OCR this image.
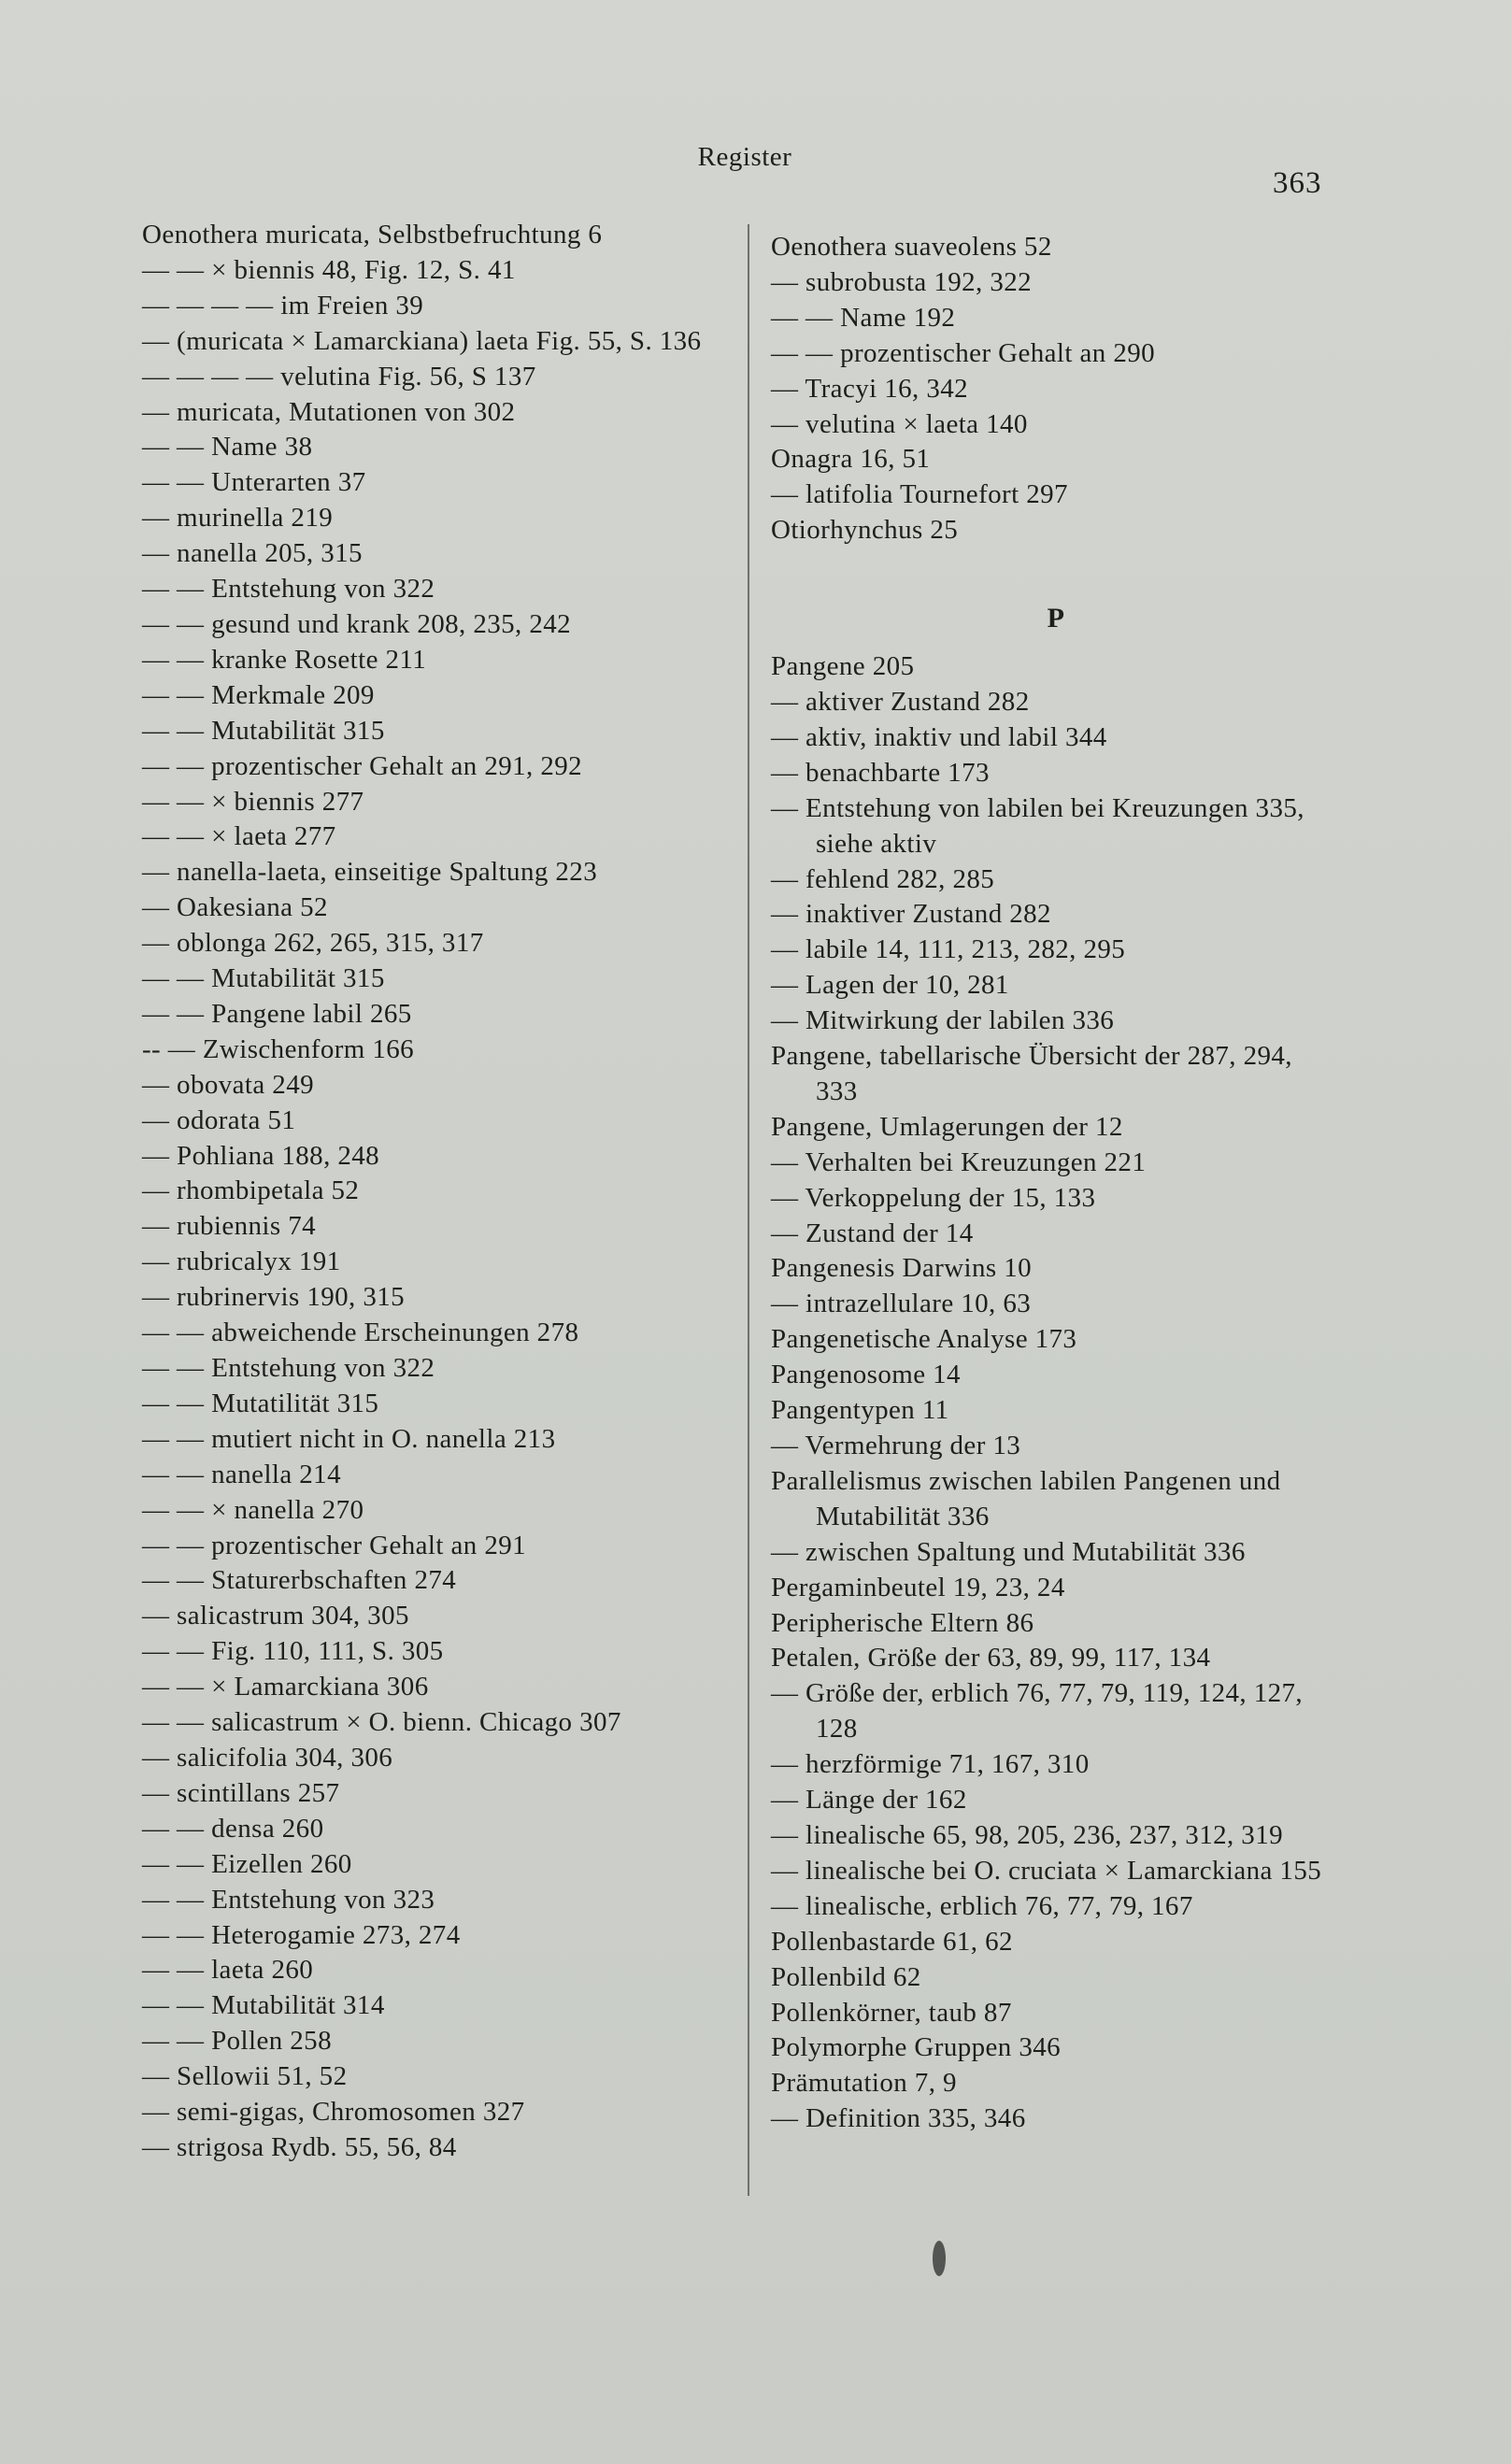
Register
363

Oenothera muricata, Selbstbefruchtung 6

— — × biennis 48, Fig. 12, S. 41

— — — — im Freien 39

— (muricata × Lamarckiana) laeta Fig. 55, S. 136

— — — — velutina Fig. 56, S 137

— muricata, Mutationen von 302

— — Name 38

— — Unterarten 37

— murinella 219

— nanella 205, 315

— — Entstehung von 322

— — gesund und krank 208, 235, 242

— — kranke Rosette 211

— — Merkmale 209

— — Mutabilität 315

— — prozentischer Gehalt an 291, 292

— — × biennis 277

— — × laeta 277

— nanella-laeta, einseitige Spaltung 223

— Oakesiana 52

— oblonga 262, 265, 315, 317

— — Mutabilität 315

— — Pangene labil 265

-- — Zwischenform 166

— obovata 249

— odorata 51

— Pohliana 188, 248

— rhombipetala 52

— rubiennis 74

— rubricalyx 191

— rubrinervis 190, 315

— — abweichende Erscheinungen 278

— — Entstehung von 322

— — Mutatilität 315

— — mutiert nicht in O. nanella 213

— — nanella 214

— — × nanella 270

— — prozentischer Gehalt an 291

— — Staturerbschaften 274

— salicastrum 304, 305

— — Fig. 110, 111, S. 305

— — × Lamarckiana 306

— — salicastrum × O. bienn. Chicago 307

— salicifolia 304, 306

— scintillans 257

— — densa 260

— — Eizellen 260

— — Entstehung von 323

— — Heterogamie 273, 274

— — laeta 260

— — Mutabilität 314

— — Pollen 258

— Sellowii 51, 52

— semi-gigas, Chromosomen 327

— strigosa Rydb. 55, 56, 84

Oenothera suaveolens 52

— subrobusta 192, 322

— — Name 192

— — prozentischer Gehalt an 290

— Tracyi 16, 342

— velutina × laeta 140

Onagra 16, 51

— latifolia Tournefort 297

Otiorhynchus 25

P

Pangene 205

— aktiver Zustand 282

— aktiv, inaktiv und labil 344

— benachbarte 173

— Entstehung von labilen bei Kreuzungen 335, siehe aktiv

— fehlend 282, 285

— inaktiver Zustand 282

— labile 14, 111, 213, 282, 295

— Lagen der 10, 281

— Mitwirkung der labilen 336

Pangene, tabellarische Übersicht der 287, 294, 333

Pangene, Umlagerungen der 12

— Verhalten bei Kreuzungen 221

— Verkoppelung der 15, 133

— Zustand der 14

Pangenesis Darwins 10

— intrazellulare 10, 63

Pangenetische Analyse 173

Pangenosome 14

Pangentypen 11

— Vermehrung der 13

Parallelismus zwischen labilen Pangenen und Mutabilität 336

— zwischen Spaltung und Mutabilität 336

Pergaminbeutel 19, 23, 24

Peripherische Eltern 86

Petalen, Größe der 63, 89, 99, 117, 134

— Größe der, erblich 76, 77, 79, 119, 124, 127, 128

— herzförmige 71, 167, 310

— Länge der 162

— linealische 65, 98, 205, 236, 237, 312, 319

— linealische bei O. cruciata × Lamarckiana 155

— linealische, erblich 76, 77, 79, 167

Pollenbastarde 61, 62

Pollenbild 62

Pollenkörner, taub 87

Polymorphe Gruppen 346

Prämutation 7, 9

— Definition 335, 346
